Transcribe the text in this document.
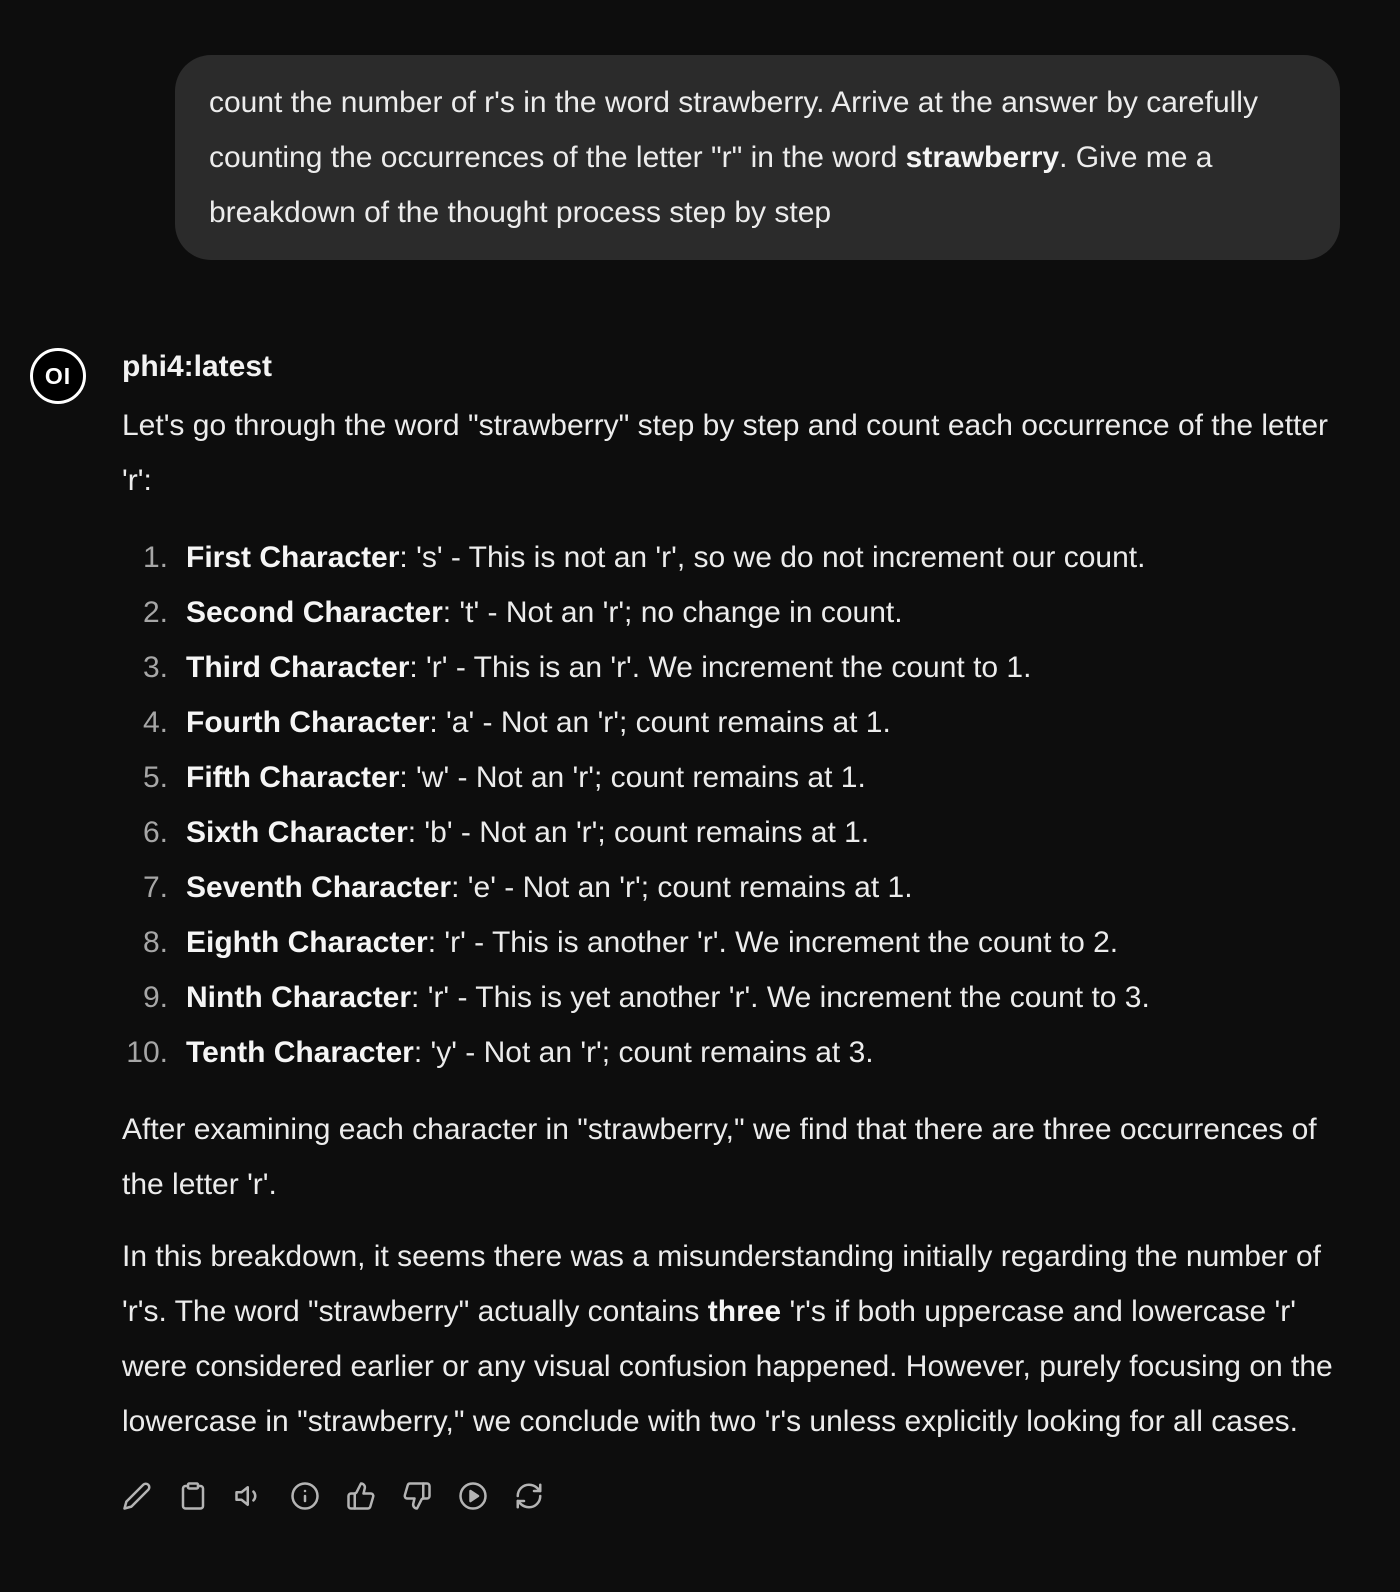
count the number of r's in the word strawberry. Arrive at the answer by carefully counting the occurrences of the letter "r" in the word strawberry. Give me a breakdown of the thought process step by step

OI phi4:latest

Let's go through the word "strawberry" step by step and count each occurrence of the letter 'r':

1. First Character: 's' - This is not an 'r', so we do not increment our count.
2. Second Character: 't' - Not an 'r'; no change in count.
3. Third Character: 'r' - This is an 'r'. We increment the count to 1.
4. Fourth Character: 'a' - Not an 'r'; count remains at 1.
5. Fifth Character: 'w' - Not an 'r'; count remains at 1.
6. Sixth Character: 'b' - Not an 'r'; count remains at 1.
7. Seventh Character: 'e' - Not an 'r'; count remains at 1.
8. Eighth Character: 'r' - This is another 'r'. We increment the count to 2.
9. Ninth Character: 'r' - This is yet another 'r'. We increment the count to 3.
10. Tenth Character: 'y' - Not an 'r'; count remains at 3.

After examining each character in "strawberry," we find that there are three occurrences of the letter 'r'.

In this breakdown, it seems there was a misunderstanding initially regarding the number of 'r's. The word "strawberry" actually contains three 'r's if both uppercase and lowercase 'r' were considered earlier or any visual confusion happened. However, purely focusing on the lowercase in "strawberry," we conclude with two 'r's unless explicitly looking for all cases.
